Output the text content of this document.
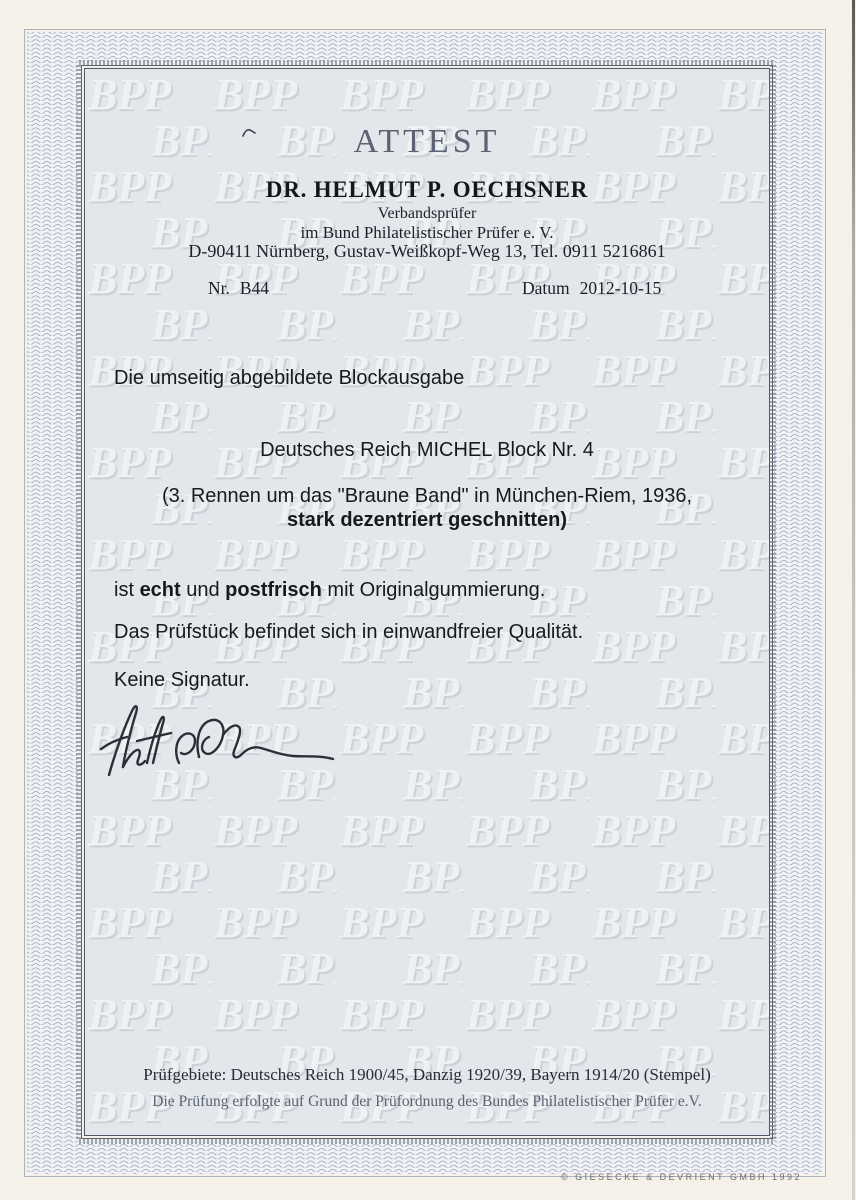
ATTEST
DR. HELMUT P. OECHSNER
Verbandsprüfer
im Bund Philatelistischer Prüfer e. V.
D-90411 Nürnberg, Gustav-Weißkopf-Weg 13, Tel. 0911 5216861
Nr. B44	Datum 2012-10-15
Die umseitig abgebildete Blockausgabe
Deutsches Reich MICHEL Block Nr. 4
(3. Rennen um das "Braune Band" in München-Riem, 1936,
stark dezentriert geschnitten)
ist echt und postfrisch mit Originalgummierung.
Das Prüfstück befindet sich in einwandfreier Qualität.
Keine Signatur.
Prüfgebiete: Deutsches Reich 1900/45, Danzig 1920/39, Bayern 1914/20 (Stempel)
Die Prüfung erfolgte auf Grund der Prüfordnung des Bundes Philatelistischer Prüfer e.V.
© GIESECKE & DEVRIENT GMBH 1992
